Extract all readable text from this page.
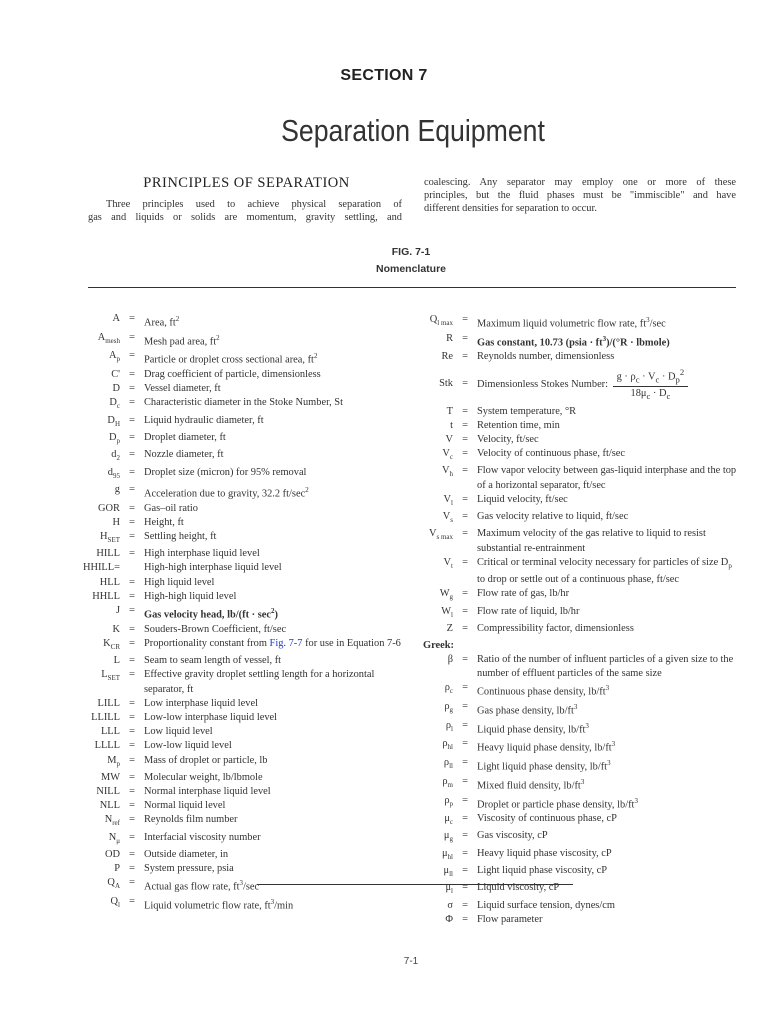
SECTION 7
Separation Equipment
PRINCIPLES OF SEPARATION
Three principles used to achieve physical separation of
gas and liquids or solids are momentum, gravity settling, and
coalescing. Any separator may employ one or more of these
principles, but the fluid phases must be "immiscible" and have
different densities for separation to occur.
FIG. 7-1
Nomenclature
A = Area, $ft^2$
$A_{mesh}$ = Mesh pad area, $ft^2$
$A_p$ = Particle or droplet cross sectional area, $ft^2$
C' = Drag coefficient of particle, dimensionless
D = Vessel diameter, ft
$D_c$ = Characteristic diameter in the Stoke Number, St
$D_H$ = Liquid hydraulic diameter, ft
$D_p$ = Droplet diameter, ft
$d_2$ = Nozzle diameter, ft
$d_{95}$ = Droplet size (micron) for 95% removal
g = Acceleration due to gravity, 32.2 $ft/\sec^2$
GOR = Gas–oil ratio
H = Height, ft
$H_{SET}$ = Settling height, ft
HILL = High interphase liquid level
HHILL= High-high interphase liquid level
HLL = High liquid level
HHLL = High-high liquid level
J = Gas velocity head, $lb/(ft \cdot \sec^2)$
K = Souders-Brown Coefficient, ft/sec
$K_{CR}$ = Proportionality constant from Fig. 7-7 for use in Equation 7-6
L = Seam to seam length of vessel, ft
$L_{SET}$ = Effective gravity droplet settling length for a horizontal separator, ft
LILL = Low interphase liquid level
LLILL = Low-low interphase liquid level
LLL = Low liquid level
LLLL = Low-low liquid level
$M_p$ = Mass of droplet or particle, lb
MW = Molecular weight, lb/lbmole
NILL = Normal interphase liquid level
NLL = Normal liquid level
$N_{ref}$ = Reynolds film number
$N_\mu$ = Interfacial viscosity number
OD = Outside diameter, in
P = System pressure, psia
$Q_A$ = Actual gas flow rate, $ft^3/\sec$
$Q_l$ = Liquid volumetric flow rate, $ft^3/\min$
$Q_{l max}$ = Maximum liquid volumetric flow rate, $ft^3/\sec$
R = Gas constant, 10.73 (psia · $ft^3)/(^\circ R$ · lbmole)
Re = Reynolds number, dimensionless
Stk = Dimensionless Stokes Number: $\frac{g \cdot \rho_c \cdot V_c \cdot D_p^2}{18\mu_c \cdot D_c}$
T = System temperature, °R
t = Retention time, min
V = Velocity, ft/sec
$V_c$ = Velocity of continuous phase, ft/sec
$V_h$ = Flow vapor velocity between gas-liquid interphase and the top of a horizontal separator, ft/sec
$V_l$ = Liquid velocity, ft/sec
$V_s$ = Gas velocity relative to liquid, ft/sec
$V_{s max}$ = Maximum velocity of the gas relative to liquid to resist substantial re-entrainment
$V_t$ = Critical or terminal velocity necessary for particles of size $D_p$ to drop or settle out of a continuous phase, ft/sec
$W_g$ = Flow rate of gas, lb/hr
$W_l$ = Flow rate of liquid, lb/hr
Z = Compressibility factor, dimensionless
Greek:
β = Ratio of the number of influent particles of a given size to the number of effluent particles of the same size
$\rho_c$ = Continuous phase density, $lb/ft^3$
$\rho_g$ = Gas phase density, $lb/ft^3$
$\rho_l$ = Liquid phase density, $lb/ft^3$
$\rho_{hl}$ = Heavy liquid phase density, $lb/ft^3$
$\rho_{ll}$ = Light liquid phase density, $lb/ft^3$
$\rho_m$ = Mixed fluid density, $lb/ft^3$
$\rho_p$ = Droplet or particle phase density, $lb/ft^3$
$\mu_c$ = Viscosity of continuous phase, cP
$\mu_g$ = Gas viscosity, cP
$\mu_{hl}$ = Heavy liquid phase viscosity, cP
$\mu_{ll}$ = Light liquid phase viscosity, cP
$\mu_l$ = Liquid viscosity, cP
σ = Liquid surface tension, dynes/cm
Φ = Flow parameter
7-1
